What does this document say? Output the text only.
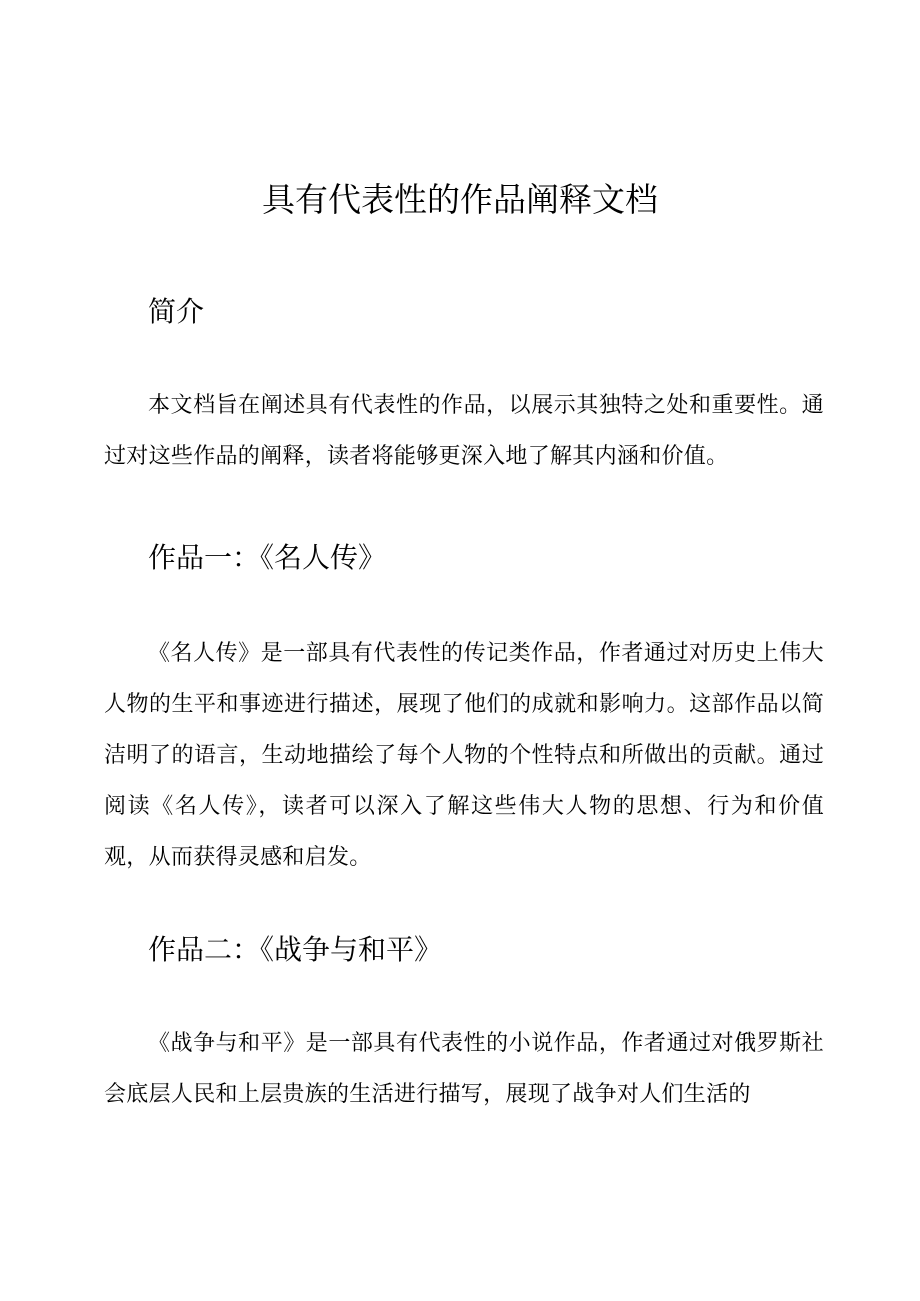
具有代表性的作品阐释文档
简介

本文档旨在阐述具有代表性的作品，以展示其独特之处和重要性。通过对这些作品的阐释，读者将能够更深入地了解其内涵和价值。

作品一：《名人传》

《名人传》是一部具有代表性的传记类作品，作者通过对历史上伟大人物的生平和事迹进行描述，展现了他们的成就和影响力。这部作品以简洁明了的语言，生动地描绘了每个人物的个性特点和所做出的贡献。通过阅读《名人传》，读者可以深入了解这些伟大人物的思想、行为和价值观，从而获得灵感和启发。

作品二：《战争与和平》

《战争与和平》是一部具有代表性的小说作品，作者通过对俄罗斯社会底层人民和上层贵族的生活进行描写，展现了战争对人们生活的
